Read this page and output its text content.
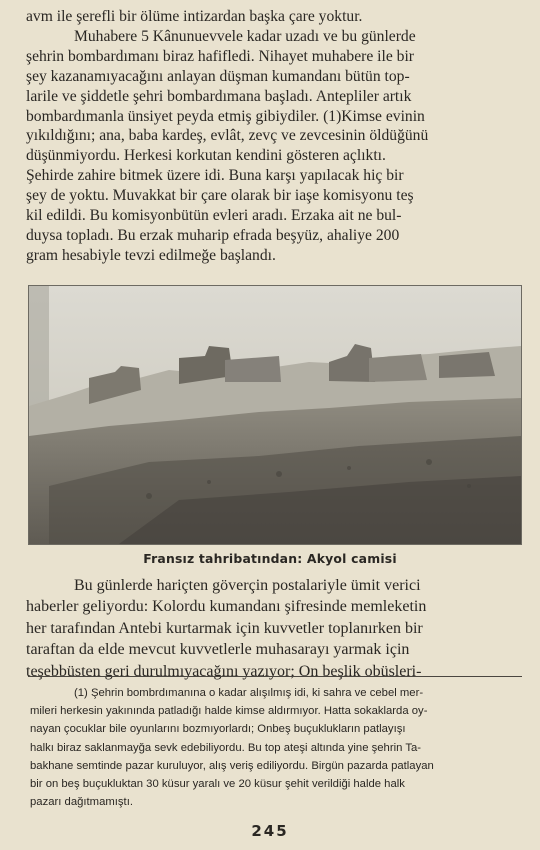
avm ile şerefli bir ölüme intizardan başka çare yoktur.
Muhabere 5 Kânunuevvele kadar uzadı ve bu günlerde
şehrin bombardımanı biraz hafifledi. Nihayet muhabere ile bir
şey kazanamıyacağını anlayan düşman kumandanı bütün top-
larile ve şiddetle şehri bombardımana başladı. Antepliler artık
bombardımanla ünsiyet peyda etmiş gibiydiler. (1)Kimse evinin
yıkıldığını; ana, baba kardeş, evlât, zevç ve zevcesinin öldüğünü
düşünmiyordu. Herkesi korkutan kendini gösteren açlıktı.
Şehirde zahire bitmek üzere idi. Buna karşı yapılacak hiç bir
şey de yoktu. Muvakkat bir çare olarak bir iaşe komisyonu teş
kil edildi. Bu komisyonbütün evleri aradı. Erzaka ait ne bul-
duysa topladı. Bu erzak muharip efrada beşyüz, ahaliye 200
gram hesabiyle tevzi edilmeğe başlandı.
Fransız tahribatından: Akyol camisi
Bu günlerde hariçten göverçin postalariyle ümit verici
haberler geliyordu: Kolordu kumandanı şifresinde memleketin
her tarafından Antebi kurtarmak için kuvvetler toplanırken bir
taraftan da elde mevcut kuvvetlerle muhasarayı yarmak için
teşebbüsten geri durulmıyacağını yazıyor; On beşlik obüsleri-
(1) Şehrin bombrdımanına o kadar alışılmış idi, ki sahra ve cebel mer-
mileri herkesin yakınında patladığı halde kimse aldırmıyor. Hatta sokaklarda oy-
nayan çocuklar bile oyunlarını bozmıyorlardı; Onbeş buçuklukların patlayışı
halkı biraz saklanmayğa sevk edebiliyordu. Bu top ateşi altında yine şehrin Ta-
bakhane semtinde pazar kuruluyor, alış veriş ediliyordu. Birgün pazarda patlayan
bir on beş buçukluktan 30 küsur yaralı ve 20 küsur şehit verildiği halde halk
pazarı dağıtmamıştı.
245
